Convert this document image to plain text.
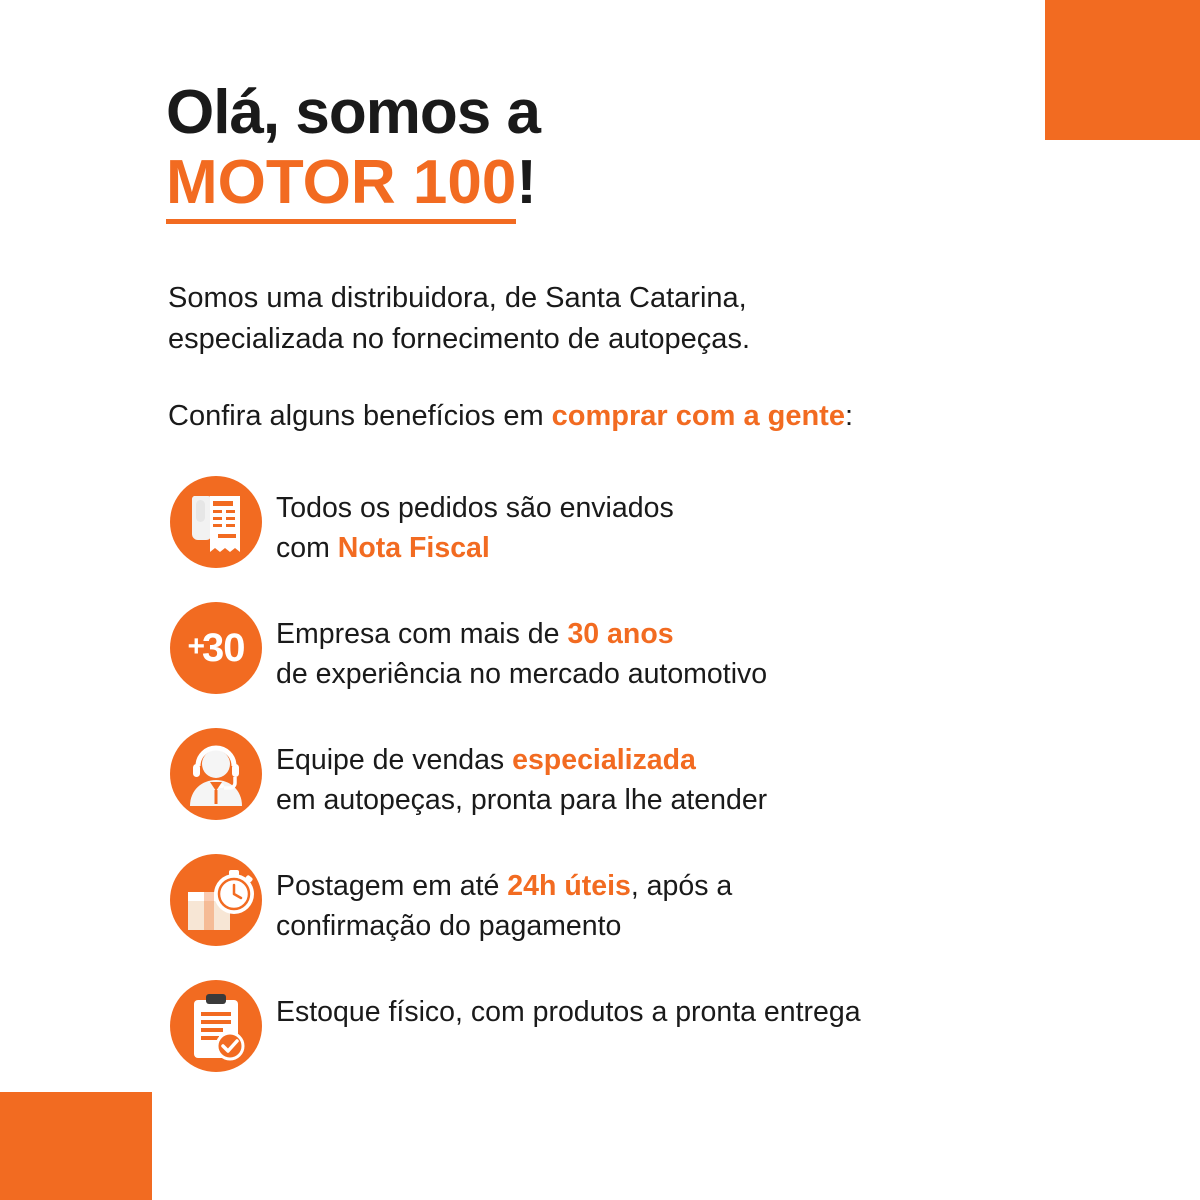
Olá, somos a
MOTOR 100!
Somos uma distribuidora, de Santa Catarina,
especializada no fornecimento de autopeças.
Confira alguns benefícios em comprar com a gente:
Todos os pedidos são enviados
com Nota Fiscal
+
30 Empresa com mais de 30 anos
de experiência no mercado automotivo
Equipe de vendas especializada
em autopeças, pronta para lhe atender
Postagem em até 24h úteis, após a
confirmação do pagamento
Estoque físico, com produtos a pronta entrega
